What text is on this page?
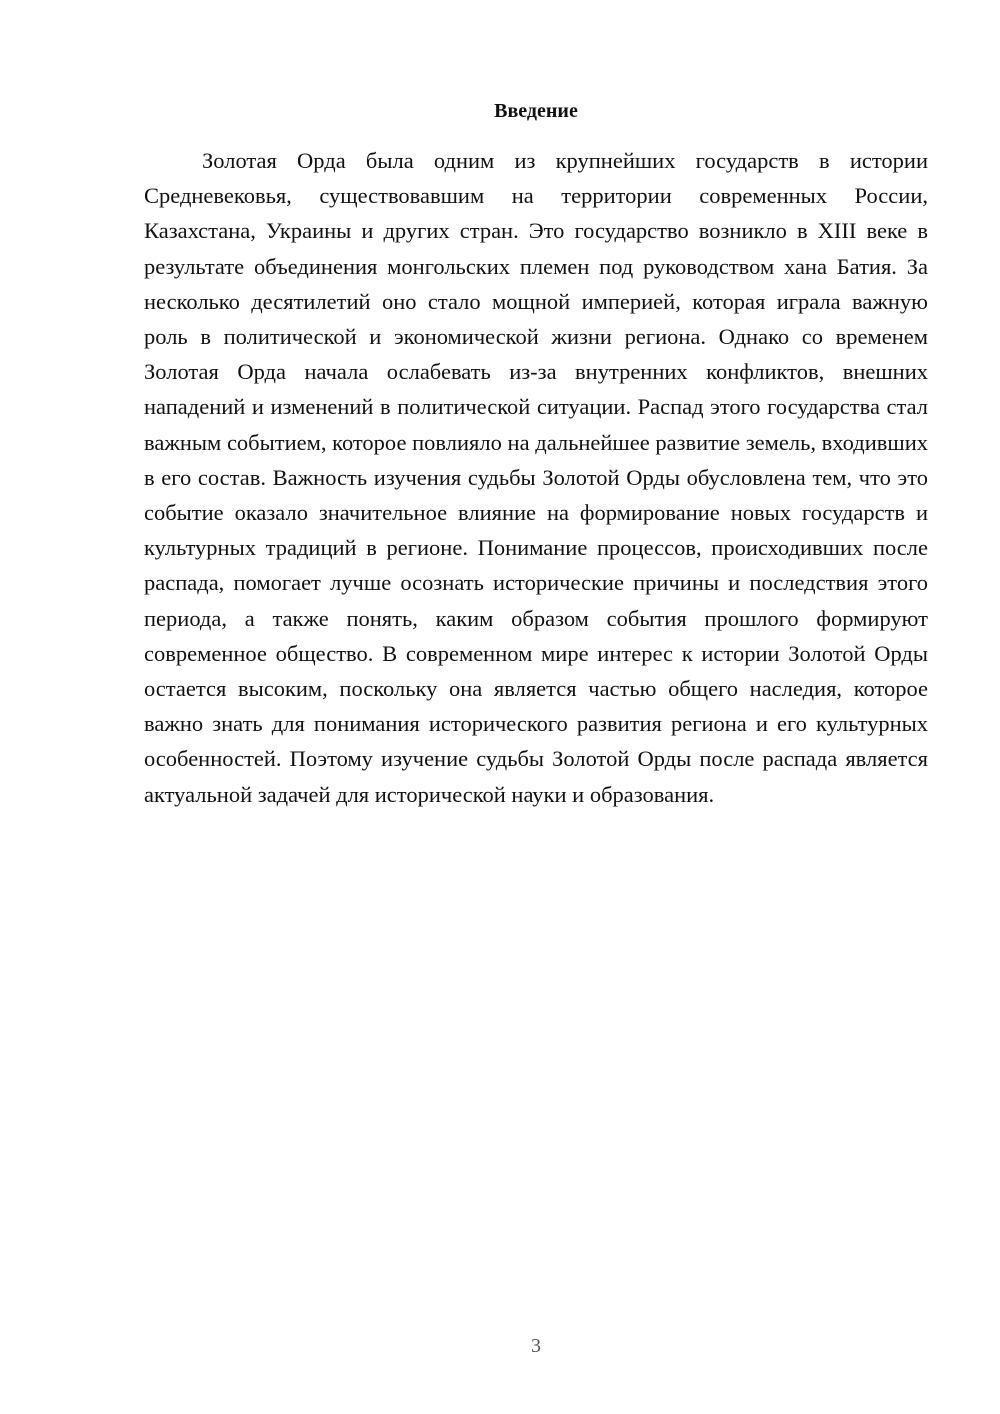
Введение

Золотая Орда была одним из крупнейших государств в истории Средневековья, существовавшим на территории современных России, Казахстана, Украины и других стран. Это государство возникло в XIII веке в результате объединения монгольских племен под руководством хана Батия. За несколько десятилетий оно стало мощной империей, которая играла важную роль в политической и экономической жизни региона. Однако со временем Золотая Орда начала ослабевать из-за внутренних конфликтов, внешних нападений и изменений в политической ситуации. Распад этого государства стал важным событием, которое повлияло на дальнейшее развитие земель, входивших в его состав. Важность изучения судьбы Золотой Орды обусловлена тем, что это событие оказало значительное влияние на формирование новых государств и культурных традиций в регионе. Понимание процессов, происходивших после распада, помогает лучше осознать исторические причины и последствия этого периода, а также понять, каким образом события прошлого формируют современное общество. В современном мире интерес к истории Золотой Орды остается высоким, поскольку она является частью общего наследия, которое важно знать для понимания исторического развития региона и его культурных особенностей. Поэтому изучение судьбы Золотой Орды после распада является актуальной задачей для исторической науки и образования.

3
